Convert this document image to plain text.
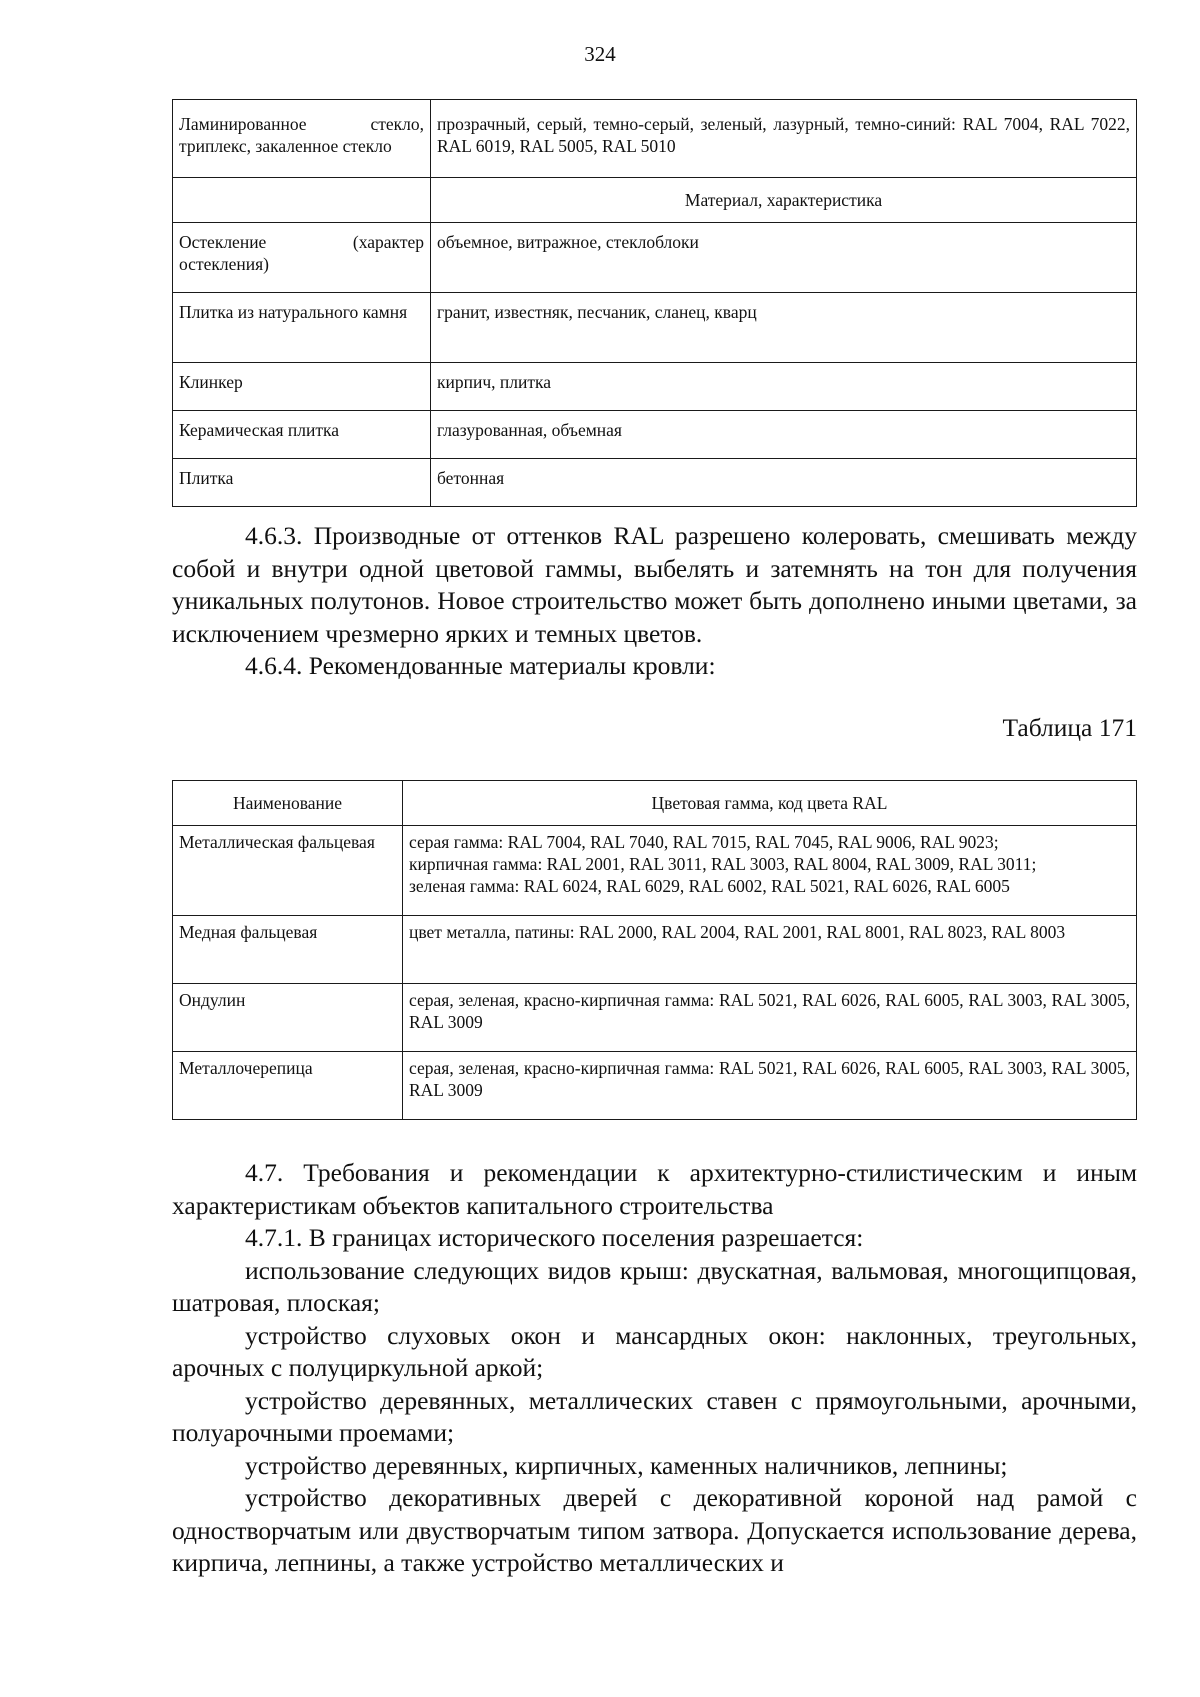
324
Ламинированное стекло, триплекс, закаленное стекло	прозрачный, серый, темно-серый, зеленый, лазурный, темно-синий: RAL 7004, RAL 7022, RAL 6019, RAL 5005, RAL 5010
	Материал, характеристика
Остекление (характер остекления)	объемное, витражное, стеклоблоки
Плитка из натурального камня	гранит, известняк, песчаник, сланец, кварц
Клинкер	кирпич, плитка
Керамическая плитка	глазурованная, объемная
Плитка	бетонная

4.6.3. Производные от оттенков RAL разрешено колеровать, смешивать между собой и внутри одной цветовой гаммы, выбелять и затемнять на тон для получения уникальных полутонов. Новое строительство может быть дополнено иными цветами, за исключением чрезмерно ярких и темных цветов.

4.6.4. Рекомендованные материалы кровли:

Таблица 171
Наименование	Цветовая гамма, код цвета RAL
Металлическая фальцевая	серая гамма: RAL 7004, RAL 7040, RAL 7015, RAL 7045, RAL 9006, RAL 9023;
кирпичная гамма: RAL 2001, RAL 3011, RAL 3003, RAL 8004, RAL 3009, RAL 3011;
зеленая гамма: RAL 6024, RAL 6029, RAL 6002, RAL 5021, RAL 6026, RAL 6005

Медная фальцевая	цвет металла, патины: RAL 2000, RAL 2004, RAL 2001, RAL 8001, RAL 8023, RAL 8003
Ондулин	серая, зеленая, красно-кирпичная гамма: RAL 5021, RAL 6026, RAL 6005, RAL 3003, RAL 3005, RAL 3009
Металлочерепица	серая, зеленая, красно-кирпичная гамма: RAL 5021, RAL 6026, RAL 6005, RAL 3003, RAL 3005, RAL 3009

4.7. Требования и рекомендации к архитектурно-стилистическим и иным характеристикам объектов капитального строительства

4.7.1. В границах исторического поселения разрешается:

использование следующих видов крыш: двускатная, вальмовая, многощипцовая, шатровая, плоская;

устройство слуховых окон и мансардных окон: наклонных, треугольных, арочных с полуциркульной аркой;

устройство деревянных, металлических ставен с прямоугольными, арочными, полуарочными проемами;

устройство деревянных, кирпичных, каменных наличников, лепнины;

устройство декоративных дверей с декоративной короной над рамой с одностворчатым или двустворчатым типом затвора. Допускается использование дерева, кирпича, лепнины, а также устройство металлических и
